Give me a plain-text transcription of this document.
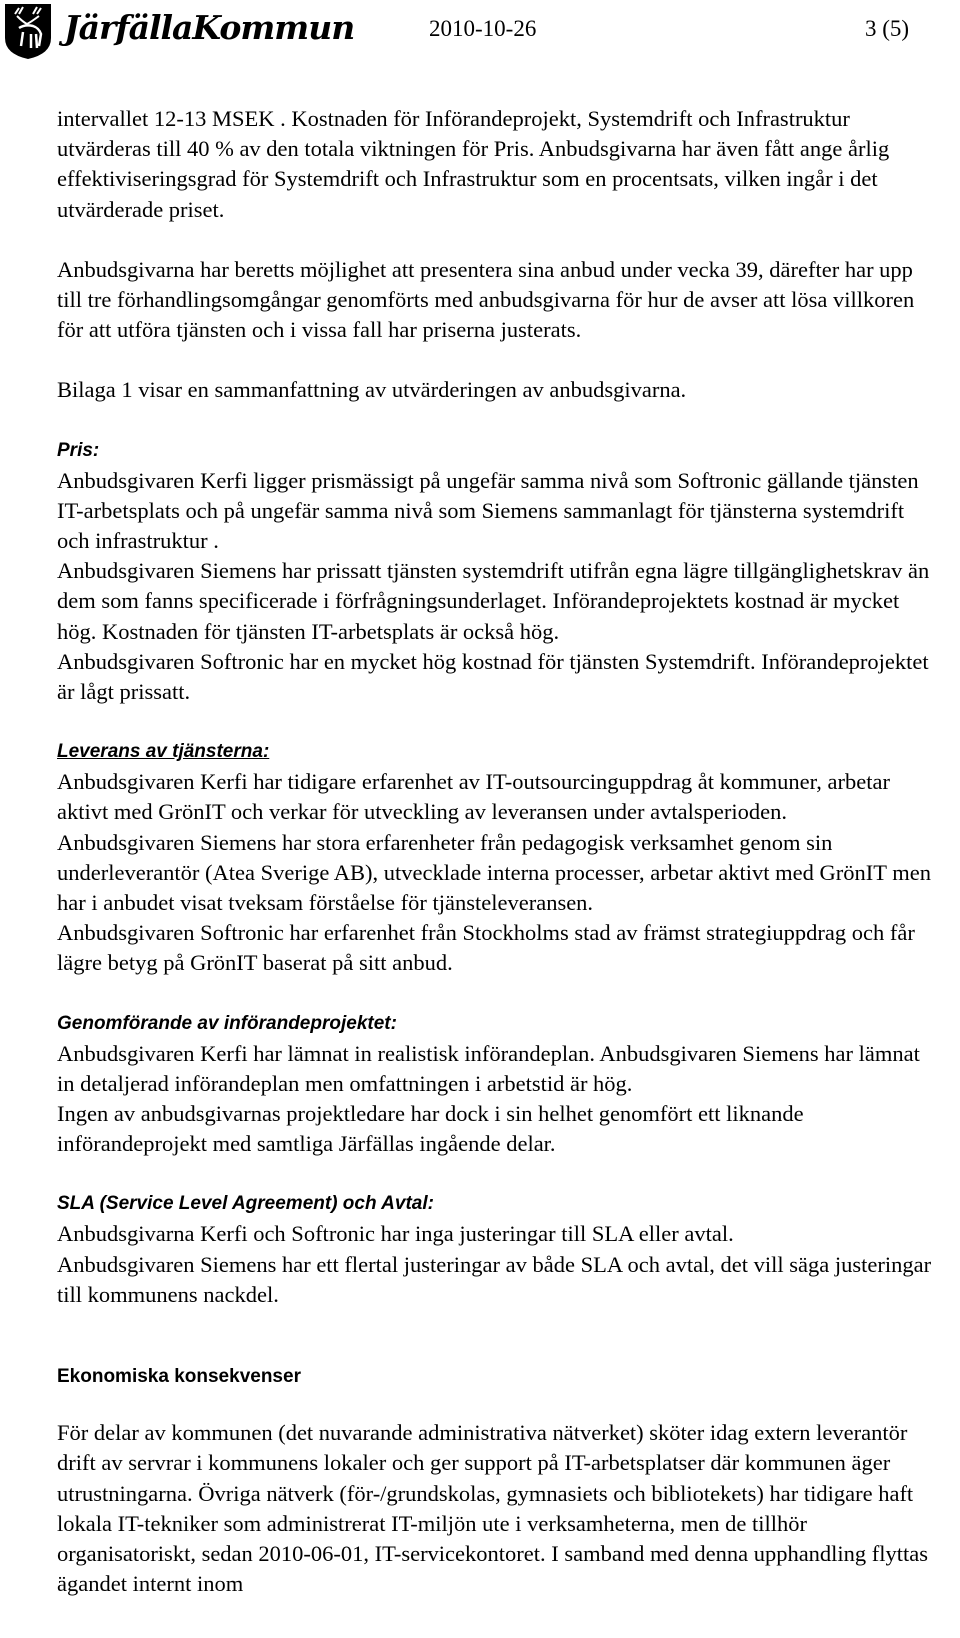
JärfällaKommun	2010-10-26	3 (5)

intervallet 12-13 MSEK . Kostnaden för Införandeprojekt, Systemdrift och Infrastruktur utvärderas till 40 % av den totala viktningen för Pris. Anbudsgivarna har även fått ange årlig effektiviseringsgrad för Systemdrift och Infrastruktur som en procentsats, vilken ingår i det utvärderade priset.

Anbudsgivarna har beretts möjlighet att presentera sina anbud under vecka 39, därefter har upp till tre förhandlingsomgångar genomförts med anbudsgivarna för hur de avser att lösa villkoren för att utföra tjänsten och i vissa fall har priserna justerats.

Bilaga 1 visar en sammanfattning av utvärderingen av anbudsgivarna.

Pris:

Anbudsgivaren Kerfi ligger prismässigt på ungefär samma nivå som Softronic gällande tjänsten IT-arbetsplats och på ungefär samma nivå som Siemens sammanlagt för tjänsterna systemdrift och infrastruktur .

Anbudsgivaren Siemens har prissatt tjänsten systemdrift utifrån egna lägre tillgänglighetskrav än dem som fanns specificerade i förfrågningsunderlaget. Införandeprojektets kostnad är mycket hög. Kostnaden för tjänsten IT-arbetsplats är också hög.

Anbudsgivaren Softronic har en mycket hög kostnad för tjänsten Systemdrift. Införandeprojektet är lågt prissatt.

Leverans av tjänsterna:

Anbudsgivaren Kerfi har tidigare erfarenhet av IT-outsourcinguppdrag åt kommuner, arbetar aktivt med GrönIT och verkar för utveckling av leveransen under avtalsperioden.

Anbudsgivaren Siemens har stora erfarenheter från pedagogisk verksamhet genom sin underleverantör (Atea Sverige AB), utvecklade interna processer, arbetar aktivt med GrönIT men har i anbudet visat tveksam förståelse för tjänsteleveransen.

Anbudsgivaren Softronic har erfarenhet från Stockholms stad av främst strategiuppdrag och får lägre betyg på GrönIT baserat på sitt anbud.

Genomförande av införandeprojektet:

Anbudsgivaren Kerfi har lämnat in realistisk införandeplan. Anbudsgivaren Siemens har lämnat in detaljerad införandeplan men omfattningen i arbetstid är hög.

Ingen av anbudsgivarnas projektledare har dock i sin helhet genomfört ett liknande införandeprojekt med samtliga Järfällas ingående delar.

SLA (Service Level Agreement) och Avtal:

Anbudsgivarna Kerfi och Softronic har inga justeringar till SLA eller avtal.

Anbudsgivaren Siemens har ett flertal justeringar av både SLA och avtal, det vill säga justeringar till kommunens nackdel.

Ekonomiska konsekvenser

För delar av kommunen (det nuvarande administrativa nätverket) sköter idag extern leverantör drift av servrar i kommunens lokaler och ger support på IT-arbetsplatser där kommunen äger utrustningarna. Övriga nätverk (för-/grundskolas, gymnasiets och bibliotekets) har tidigare haft lokala IT-tekniker som administrerat IT-miljön ute i verksamheterna, men de tillhör organisatoriskt, sedan 2010-06-01, IT-servicekontoret. I samband med denna upphandling flyttas ägandet internt inom
